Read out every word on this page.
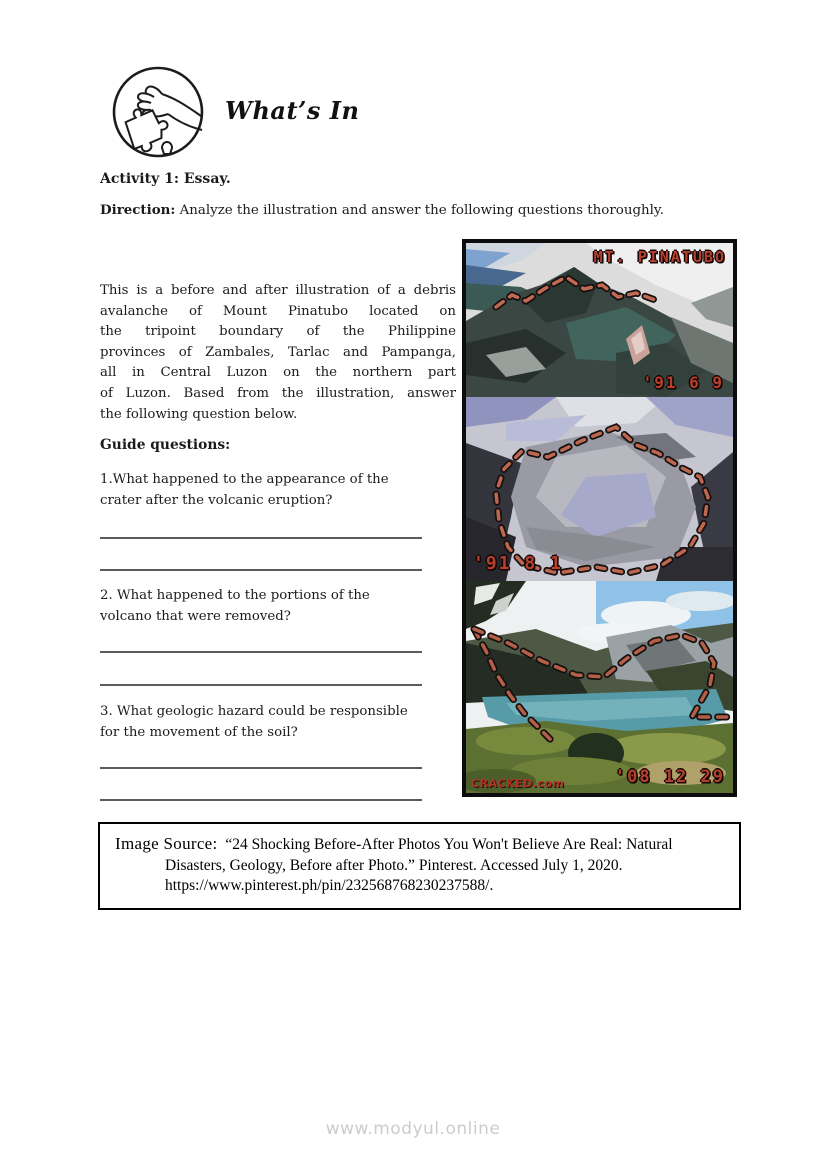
What’s In
Activity 1: Essay.
Direction: Analyze the illustration and answer the following questions thoroughly.
This is a before and after illustration of a debris
avalanche of Mount Pinatubo located on
the tripoint boundary of the Philippine
provinces of Zambales, Tarlac and Pampanga,
all in Central Luzon on the northern part
of Luzon. Based from the illustration, answer
the following question below.
Guide questions:
1.What happened to the appearance of the
crater after the volcanic eruption?
2. What happened to the portions of the
volcano that were removed?
3. What geologic hazard could be responsible
for the movement of the soil?
MT. PINATUBO
'91 6 9
'91 8 1
CRACKED.com	'08 12 29
Image Source: “24 Shocking Before-After Photos You Won't Believe Are Real: Natural
Disasters, Geology, Before after Photo.” Pinterest. Accessed July 1, 2020.
https://www.pinterest.ph/pin/232568768230237588/.
www.modyul.online
